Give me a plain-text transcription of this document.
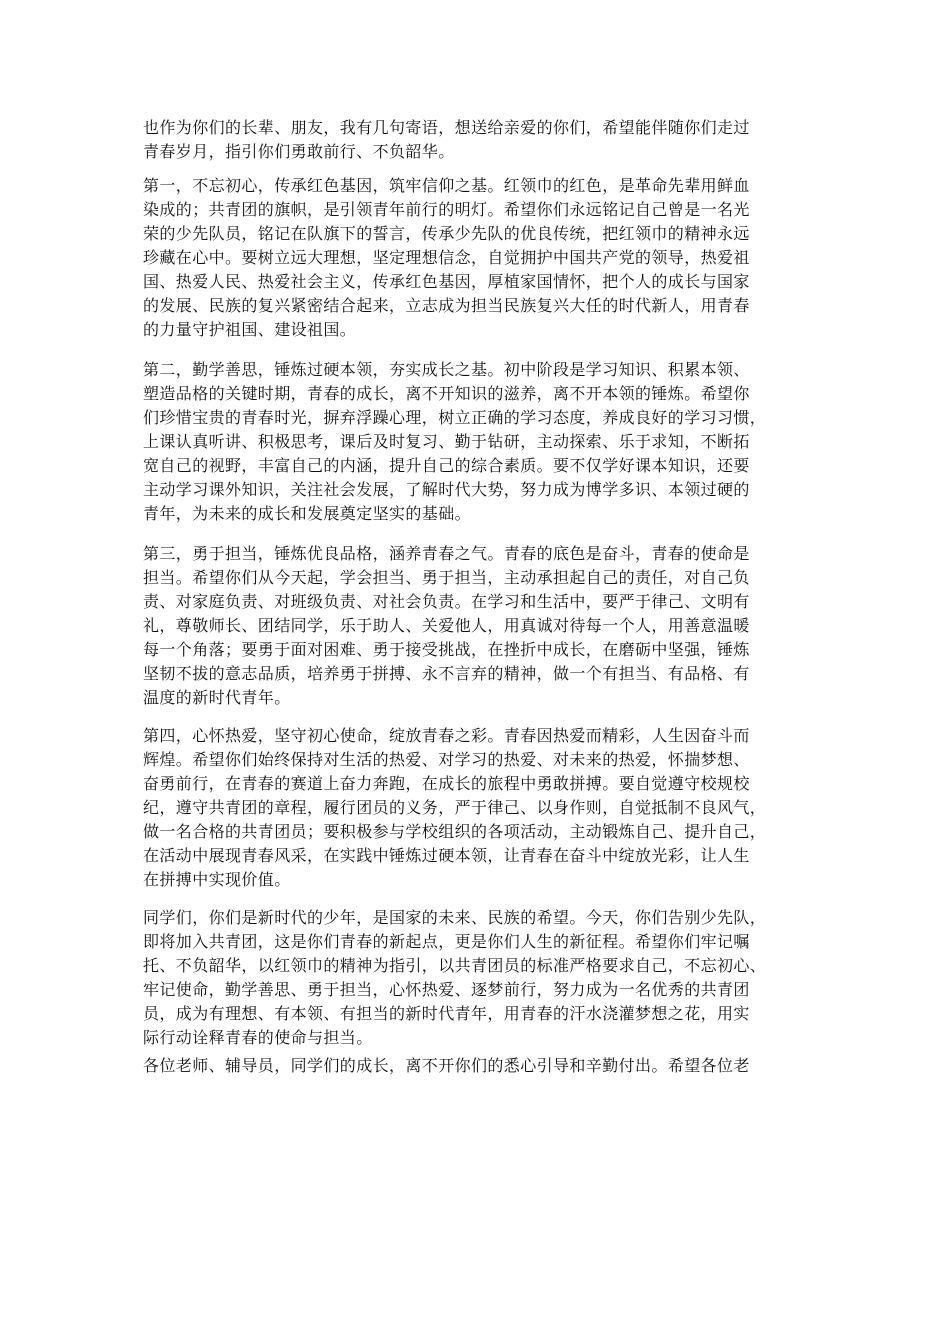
也作为你们的长辈、朋友，我有几句寄语，想送给亲爱的你们，希望能伴随你们走过
青春岁月，指引你们勇敢前行、不负韶华。

第一，不忘初心，传承红色基因，筑牢信仰之基。红领巾的红色，是革命先辈用鲜血
染成的；共青团的旗帜，是引领青年前行的明灯。希望你们永远铭记自己曾是一名光
荣的少先队员，铭记在队旗下的誓言，传承少先队的优良传统，把红领巾的精神永远
珍藏在心中。要树立远大理想，坚定理想信念，自觉拥护中国共产党的领导，热爱祖
国、热爱人民、热爱社会主义，传承红色基因，厚植家国情怀，把个人的成长与国家
的发展、民族的复兴紧密结合起来，立志成为担当民族复兴大任的时代新人，用青春
的力量守护祖国、建设祖国。

第二，勤学善思，锤炼过硬本领，夯实成长之基。初中阶段是学习知识、积累本领、
塑造品格的关键时期，青春的成长，离不开知识的滋养，离不开本领的锤炼。希望你
们珍惜宝贵的青春时光，摒弃浮躁心理，树立正确的学习态度，养成良好的学习习惯，
上课认真听讲、积极思考，课后及时复习、勤于钻研，主动探索、乐于求知，不断拓
宽自己的视野，丰富自己的内涵，提升自己的综合素质。要不仅学好课本知识，还要
主动学习课外知识，关注社会发展，了解时代大势，努力成为博学多识、本领过硬的
青年，为未来的成长和发展奠定坚实的基础。

第三，勇于担当，锤炼优良品格，涵养青春之气。青春的底色是奋斗，青春的使命是
担当。希望你们从今天起，学会担当、勇于担当，主动承担起自己的责任，对自己负
责、对家庭负责、对班级负责、对社会负责。在学习和生活中，要严于律己、文明有
礼，尊敬师长、团结同学，乐于助人、关爱他人，用真诚对待每一个人，用善意温暖
每一个角落；要勇于面对困难、勇于接受挑战，在挫折中成长，在磨砺中坚强，锤炼
坚韧不拔的意志品质，培养勇于拼搏、永不言弃的精神，做一个有担当、有品格、有
温度的新时代青年。

第四，心怀热爱，坚守初心使命，绽放青春之彩。青春因热爱而精彩，人生因奋斗而
辉煌。希望你们始终保持对生活的热爱、对学习的热爱、对未来的热爱，怀揣梦想、
奋勇前行，在青春的赛道上奋力奔跑，在成长的旅程中勇敢拼搏。要自觉遵守校规校
纪，遵守共青团的章程，履行团员的义务，严于律己、以身作则，自觉抵制不良风气，
做一名合格的共青团员；要积极参与学校组织的各项活动，主动锻炼自己、提升自己，
在活动中展现青春风采，在实践中锤炼过硬本领，让青春在奋斗中绽放光彩，让人生
在拼搏中实现价值。

同学们，你们是新时代的少年，是国家的未来、民族的希望。今天，你们告别少先队，
即将加入共青团，这是你们青春的新起点，更是你们人生的新征程。希望你们牢记嘱
托、不负韶华，以红领巾的精神为指引，以共青团员的标准严格要求自己，不忘初心、
牢记使命，勤学善思、勇于担当，心怀热爱、逐梦前行，努力成为一名优秀的共青团
员，成为有理想、有本领、有担当的新时代青年，用青春的汗水浇灌梦想之花，用实
际行动诠释青春的使命与担当。

各位老师、辅导员，同学们的成长，离不开你们的悉心引导和辛勤付出。希望各位老
